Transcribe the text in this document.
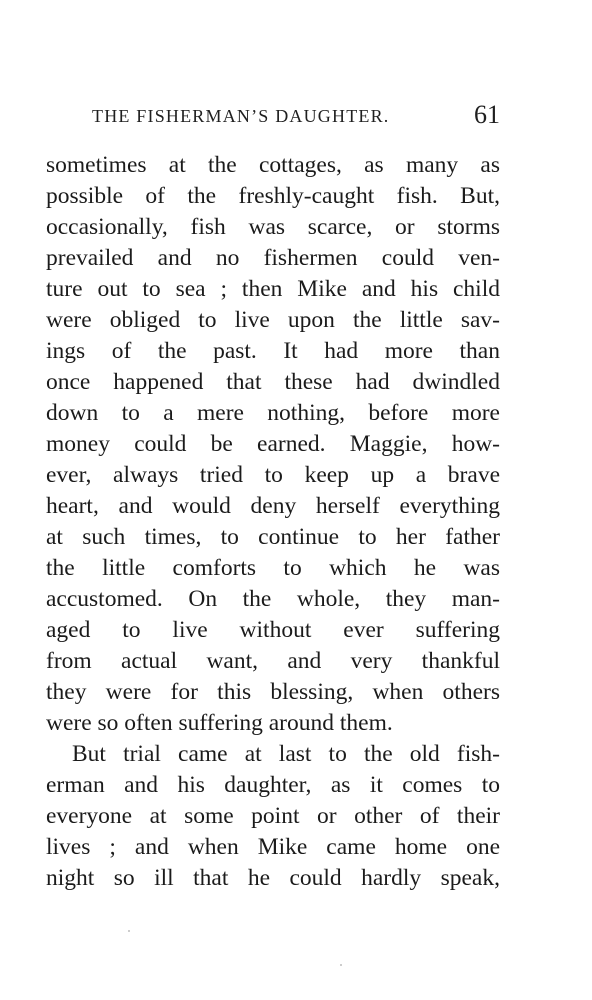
THE FISHERMAN’S DAUGHTER.	61
sometimes at the cottages, as many as
possible of the freshly-caught fish. But,
occasionally, fish was scarce, or storms
prevailed and no fishermen could ven-
ture out to sea ; then Mike and his child
were obliged to live upon the little sav-
ings of the past. It had more than
once happened that these had dwindled
down to a mere nothing, before more
money could be earned. Maggie, how-
ever, always tried to keep up a brave
heart, and would deny herself everything
at such times, to continue to her father
the little comforts to which he was
accustomed. On the whole, they man-
aged to live without ever suffering
from actual want, and very thankful
they were for this blessing, when others
were so often suffering around them.
But trial came at last to the old fish-
erman and his daughter, as it comes to
everyone at some point or other of their
lives ; and when Mike came home one
night so ill that he could hardly speak,
